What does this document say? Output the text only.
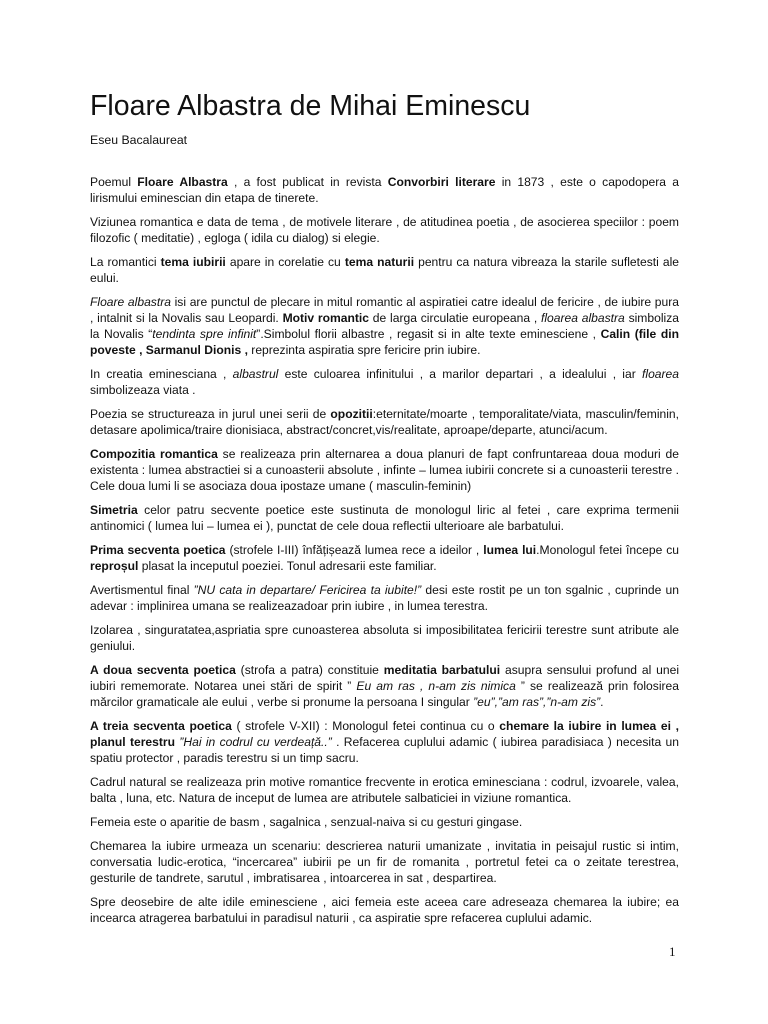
Floare Albastra de Mihai Eminescu
Eseu Bacalaureat

Poemul Floare Albastra , a fost publicat in revista Convorbiri literare in 1873 , este o capodopera a lirismului eminescian din etapa de tinerete.

Viziunea romantica e data de tema , de motivele literare , de atitudinea poetia , de asocierea speciilor : poem filozofic ( meditatie) , egloga ( idila cu dialog) si elegie.

La romantici tema iubirii apare in corelatie cu tema naturii pentru ca natura vibreaza la starile sufletesti ale eului.

Floare albastra isi are punctul de plecare in mitul romantic al aspiratiei catre idealul de fericire , de iubire pura , intalnit si la Novalis sau Leopardi. Motiv romantic de larga circulatie europeana , floarea albastra simboliza la Novalis “tendinta spre infinit”.Simbolul florii albastre , regasit si in alte texte eminesciene , Calin (file din poveste , Sarmanul Dionis , reprezinta aspiratia spre fericire prin iubire.

In creatia eminesciana , albastrul este culoarea infinitului , a marilor departari , a idealului , iar floarea simbolizeaza viata .

Poezia se structureaza in jurul unei serii de opozitii:eternitate/moarte , temporalitate/viata, masculin/feminin, detasare apolimica/traire dionisiaca, abstract/concret,vis/realitate, aproape/departe, atunci/acum.

Compozitia romantica se realizeaza prin alternarea a doua planuri de fapt confruntareaa doua moduri de existenta : lumea abstractiei si a cunoasterii absolute , infinte – lumea iubirii concrete si a cunoasterii terestre . Cele doua lumi li se asociaza doua ipostaze umane ( masculin-feminin)

Simetria celor patru secvente poetice este sustinuta de monologul liric al fetei , care exprima termenii antinomici ( lumea lui – lumea ei ), punctat de cele doua reflectii ulterioare ale barbatului.

Prima secventa poetica (strofele I-III) înfățișează lumea rece a ideilor , lumea lui.Monologul fetei începe cu reproșul plasat la inceputul poeziei. Tonul adresarii este familiar.

Avertismentul final ”NU cata in departare/ Fericirea ta iubite!” desi este rostit pe un ton sgalnic , cuprinde un adevar : implinirea umana se realizeazadoar prin iubire , in lumea terestra.

Izolarea , singuratatea,aspriatia spre cunoasterea absoluta si imposibilitatea fericirii terestre sunt atribute ale geniului.

A doua secventa poetica (strofa a patra) constituie meditatia barbatului asupra sensului profund al unei iubiri rememorate. Notarea unei stări de spirit ” Eu am ras , n-am zis nimica ” se realizează prin folosirea mărcilor gramaticale ale eului , verbe si pronume la persoana I singular ”eu”,”am ras”,”n-am zis”.

A treia secventa poetica ( strofele V-XII) : Monologul fetei continua cu o chemare la iubire in lumea ei , planul terestru ”Hai in codrul cu verdeață..” . Refacerea cuplului adamic ( iubirea paradisiaca ) necesita un spatiu protector , paradis terestru si un timp sacru.

Cadrul natural se realizeaza prin motive romantice frecvente in erotica eminesciana : codrul, izvoarele, valea, balta , luna, etc. Natura de inceput de lumea are atributele salbaticiei in viziune romantica.

Femeia este o aparitie de basm , sagalnica , senzual-naiva si cu gesturi gingase.

Chemarea la iubire urmeaza un scenariu: descrierea naturii umanizate , invitatia in peisajul rustic si intim, conversatia ludic-erotica, “incercarea” iubirii pe un fir de romanita , portretul fetei ca o zeitate terestrea, gesturile de tandrete, sarutul , imbratisarea , intoarcerea in sat , despartirea.

Spre deosebire de alte idile eminesciene , aici femeia este aceea care adreseaza chemarea la iubire; ea incearca atragerea barbatului in paradisul naturii , ca aspiratie spre refacerea cuplului adamic.

1
